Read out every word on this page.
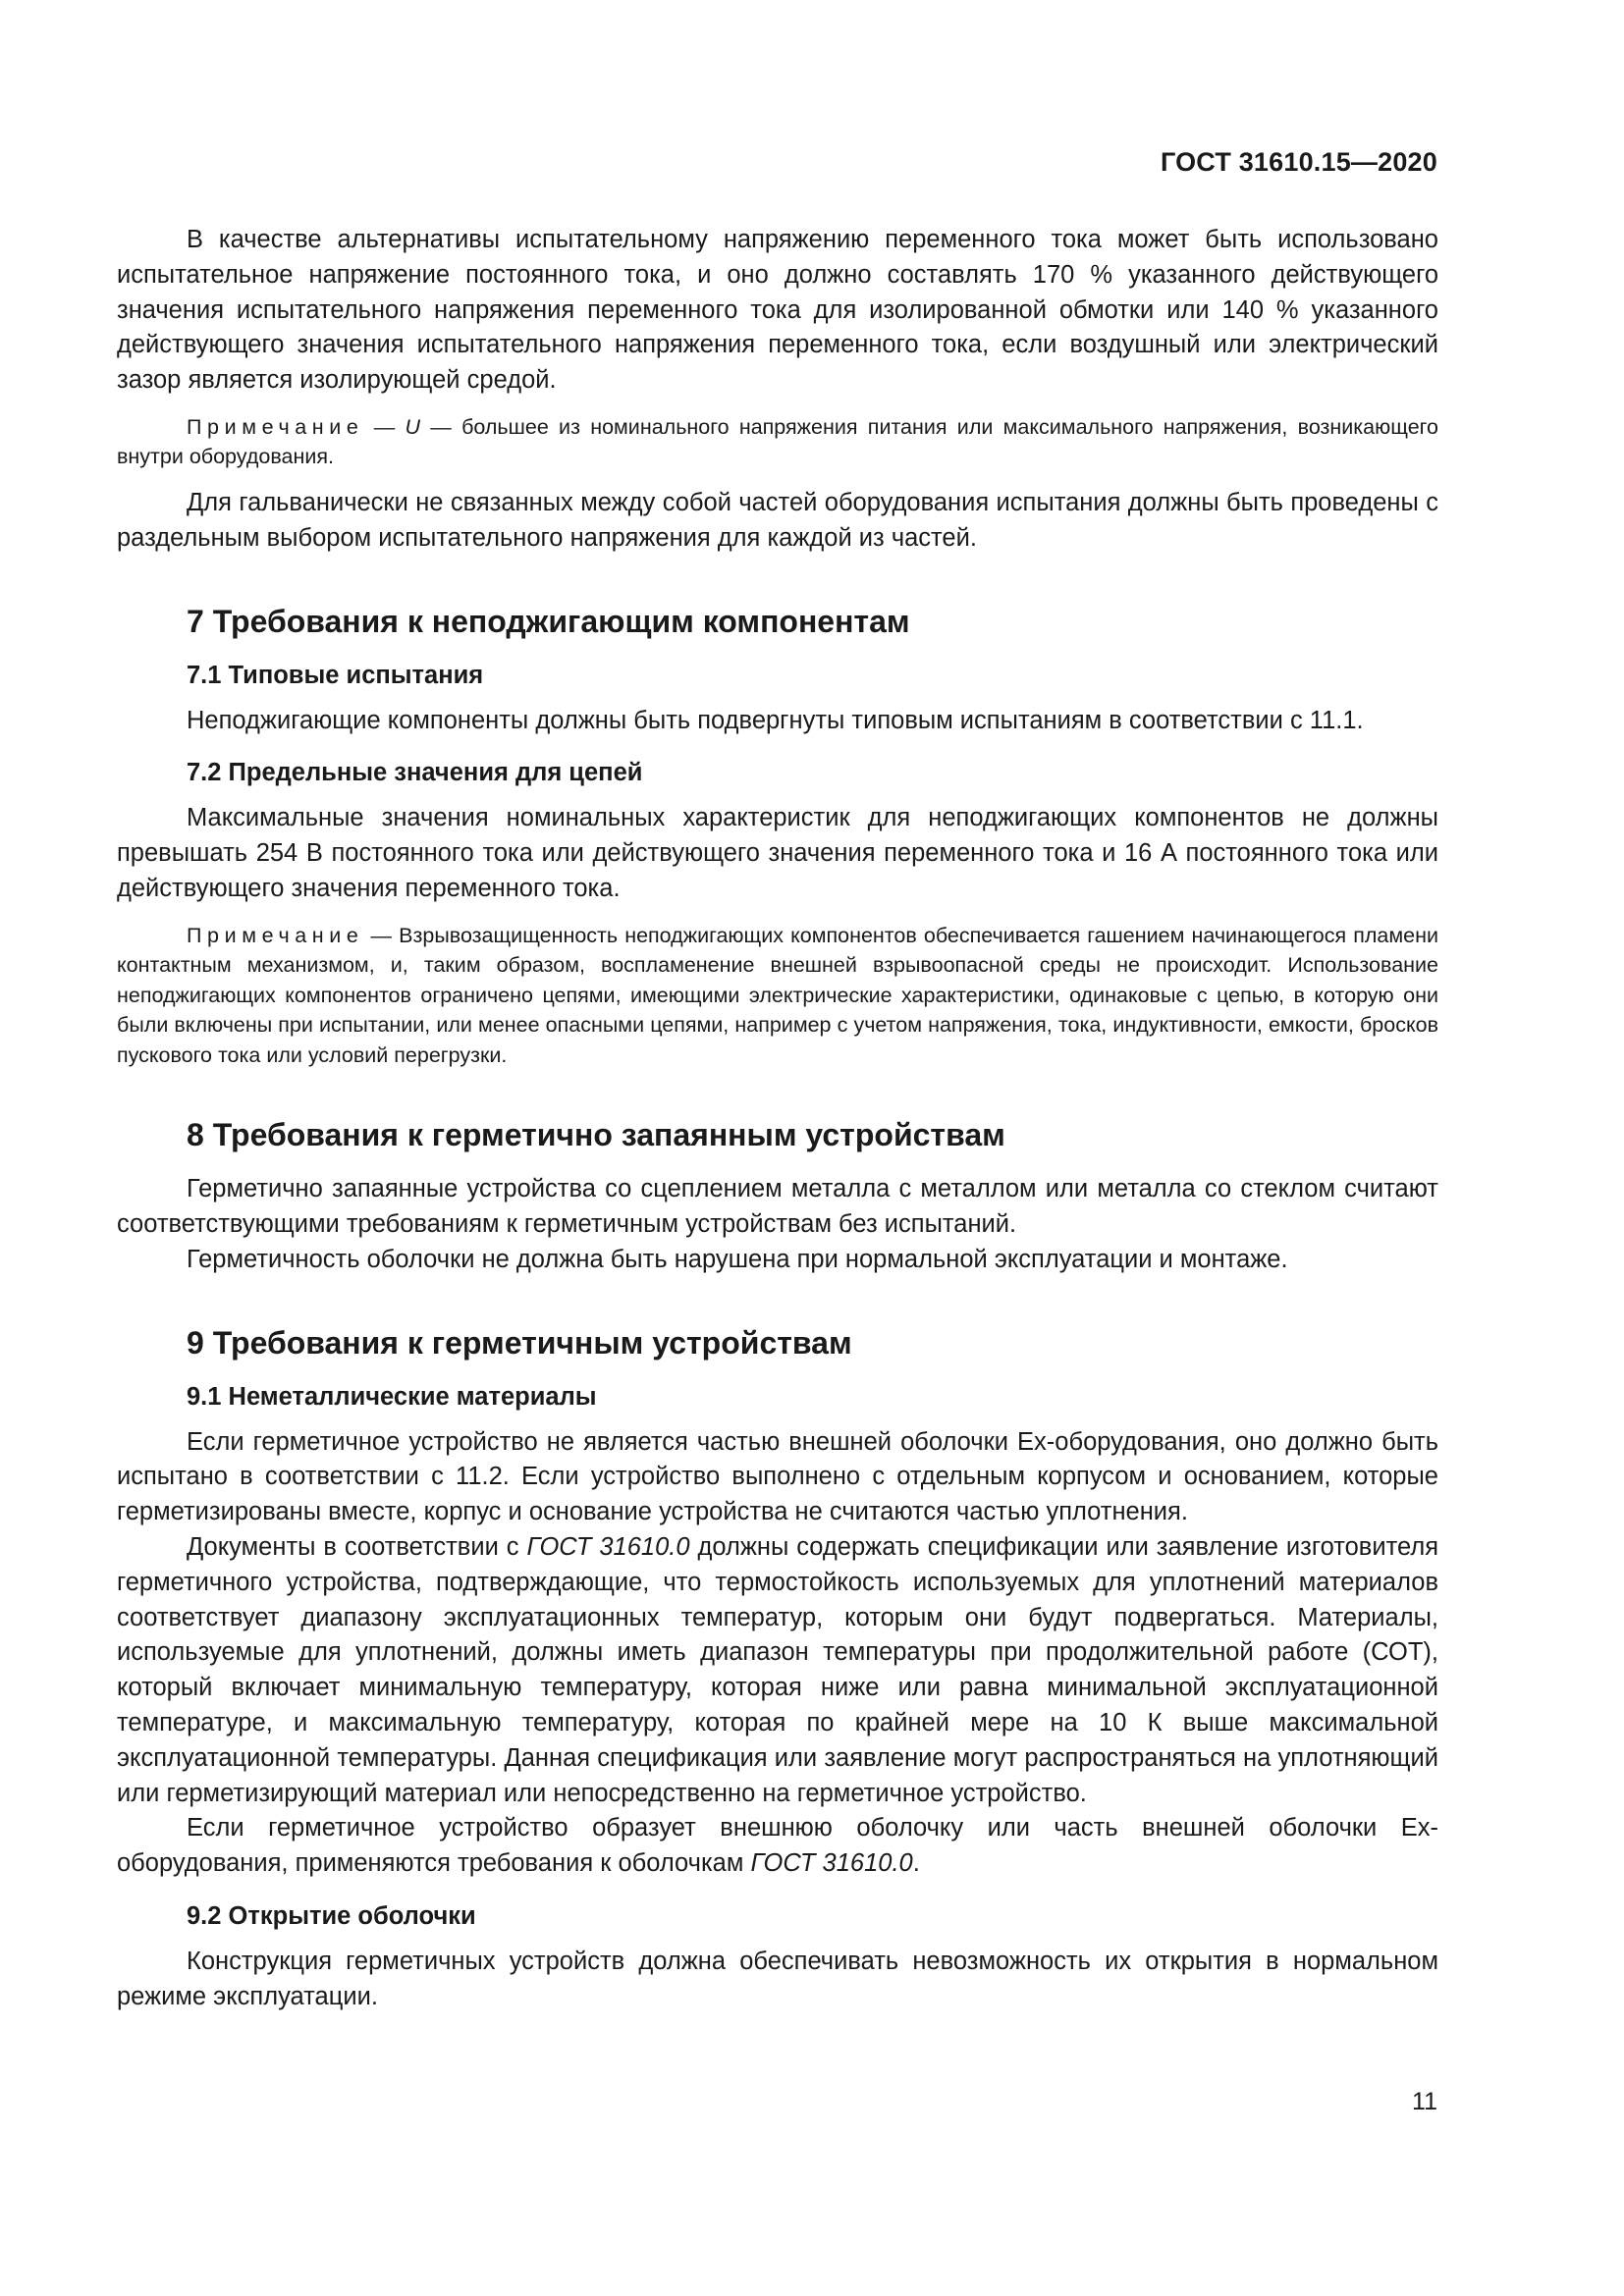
ГОСТ 31610.15—2020

В качестве альтернативы испытательному напряжению переменного тока может быть использовано испытательное напряжение постоянного тока, и оно должно составлять 170 % указанного действующего значения испытательного напряжения переменного тока для изолированной обмотки или 140 % указанного действующего значения испытательного напряжения переменного тока, если воздушный или электрический зазор является изолирующей средой.

Примечание — U — большее из номинального напряжения питания или максимального напряжения, возникающего внутри оборудования.

Для гальванически не связанных между собой частей оборудования испытания должны быть проведены с раздельным выбором испытательного напряжения для каждой из частей.

7 Требования к неподжигающим компонентам
7.1 Типовые испытания

Неподжигающие компоненты должны быть подвергнуты типовым испытаниям в соответствии с 11.1.

7.2 Предельные значения для цепей

Максимальные значения номинальных характеристик для неподжигающих компонентов не должны превышать 254 В постоянного тока или действующего значения переменного тока и 16 А постоянного тока или действующего значения переменного тока.

Примечание — Взрывозащищенность неподжигающих компонентов обеспечивается гашением начинающегося пламени контактным механизмом, и, таким образом, воспламенение внешней взрывоопасной среды не происходит. Использование неподжигающих компонентов ограничено цепями, имеющими электрические характеристики, одинаковые с цепью, в которую они были включены при испытании, или менее опасными цепями, например с учетом напряжения, тока, индуктивности, емкости, бросков пускового тока или условий перегрузки.

8 Требования к герметично запаянным устройствам

Герметично запаянные устройства со сцеплением металла с металлом или металла со стеклом считают соответствующими требованиям к герметичным устройствам без испытаний.

Герметичность оболочки не должна быть нарушена при нормальной эксплуатации и монтаже.

9 Требования к герметичным устройствам
9.1 Неметаллические материалы

Если герметичное устройство не является частью внешней оболочки Ex-оборудования, оно должно быть испытано в соответствии с 11.2. Если устройство выполнено с отдельным корпусом и основанием, которые герметизированы вместе, корпус и основание устройства не считаются частью уплотнения.

Документы в соответствии с ГОСТ 31610.0 должны содержать спецификации или заявление изготовителя герметичного устройства, подтверждающие, что термостойкость используемых для уплотнений материалов соответствует диапазону эксплуатационных температур, которым они будут подвергаться. Материалы, используемые для уплотнений, должны иметь диапазон температуры при продолжительной работе (СОТ), который включает минимальную температуру, которая ниже или равна минимальной эксплуатационной температуре, и максимальную температуру, которая по крайней мере на 10 К выше максимальной эксплуатационной температуры. Данная спецификация или заявление могут распространяться на уплотняющий или герметизирующий материал или непосредственно на герметичное устройство.

Если герметичное устройство образует внешнюю оболочку или часть внешней оболочки Ex-оборудования, применяются требования к оболочкам ГОСТ 31610.0.

9.2 Открытие оболочки

Конструкция герметичных устройств должна обеспечивать невозможность их открытия в нормальном режиме эксплуатации.

11
